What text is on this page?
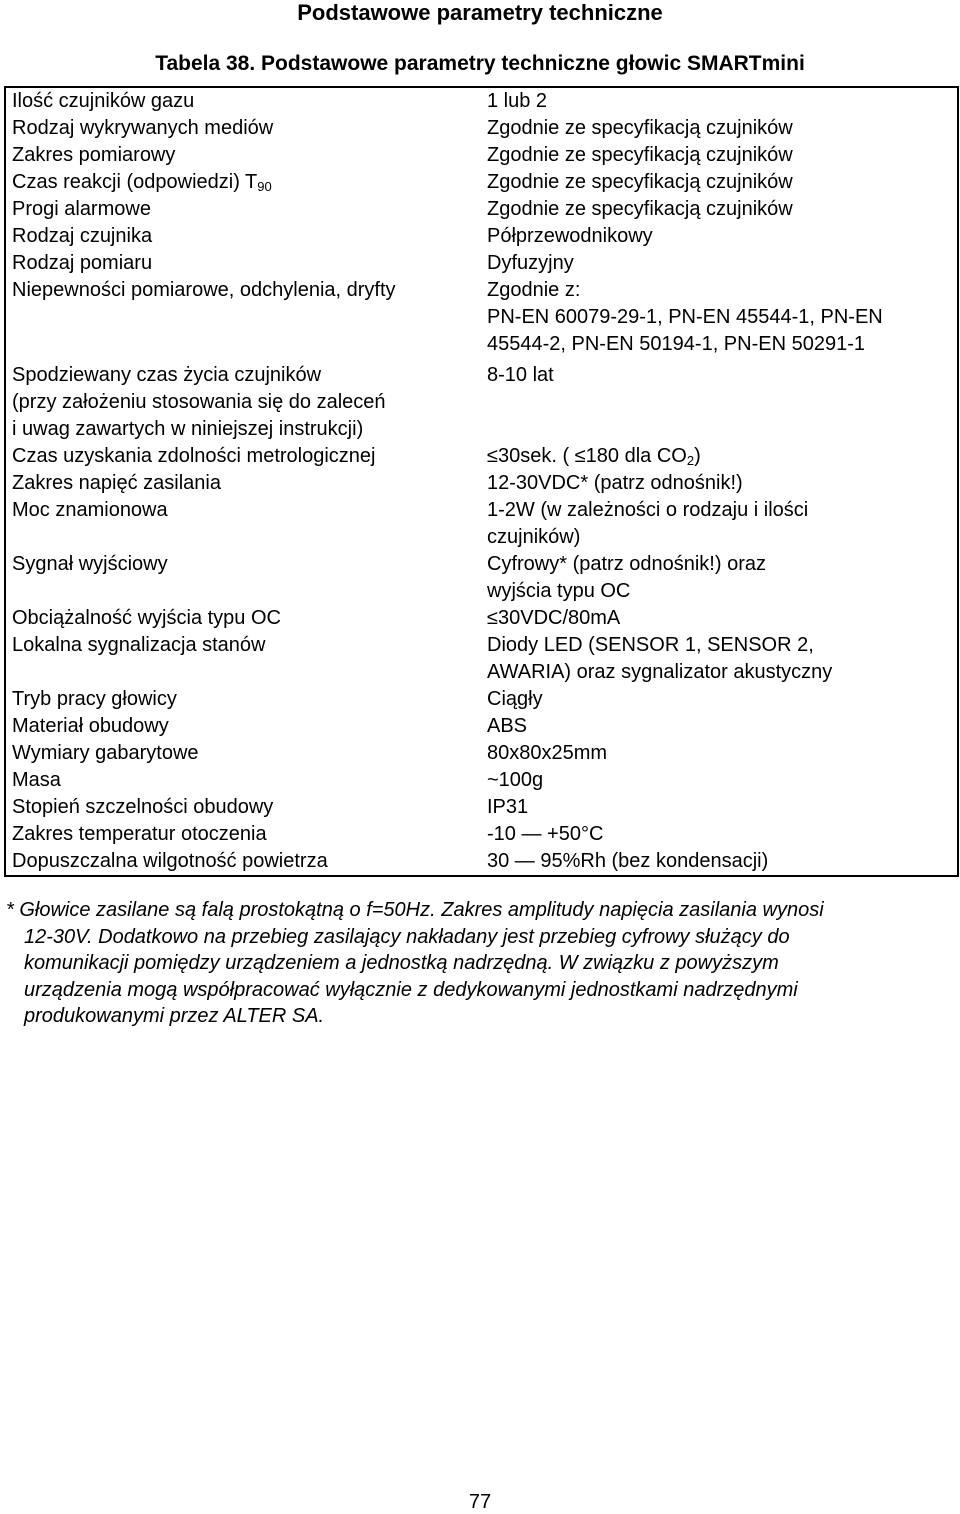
Podstawowe parametry techniczne
Tabela 38. Podstawowe parametry techniczne głowic SMARTmini
Ilość czujników gazu	1 lub 2
Rodzaj wykrywanych mediów	Zgodnie ze specyfikacją czujników
Zakres pomiarowy	Zgodnie ze specyfikacją czujników
Czas reakcji (odpowiedzi) $T_{90}$	Zgodnie ze specyfikacją czujników
Progi alarmowe	Zgodnie ze specyfikacją czujników
Rodzaj czujnika	Półprzewodnikowy
Rodzaj pomiaru	Dyfuzyjny
Niepewności pomiarowe, odchylenia, dryfty	Zgodnie z:
PN-EN 60079-29-1, PN-EN 45544-1, PN-EN
45544-2, PN-EN 50194-1, PN-EN 50291-1

Spodziewany czas życia czujników
(przy założeniu stosowania się do zaleceń
i uwag zawartych w niniejszej instrukcji)	8-10 lat
Czas uzyskania zdolności metrologicznej	≤30sek. ( ≤180 dla $CO_2$)
Zakres napięć zasilania	12-30VDC* (patrz odnośnik!)
Moc znamionowa	1-2W (w zależności o rodzaju i ilości
czujników)

Sygnał wyjściowy	Cyfrowy* (patrz odnośnik!) oraz
wyjścia typu OC

Obciążalność wyjścia typu OC	≤30VDC/80mA
Lokalna sygnalizacja stanów	Diody LED (SENSOR 1, SENSOR 2,
AWARIA) oraz sygnalizator akustyczny

Tryb pracy głowicy	Ciągły
Materiał obudowy	ABS
Wymiary gabarytowe	80x80x25mm
Masa	~100g
Stopień szczelności obudowy	IP31
Zakres temperatur otoczenia	-10 — +50°C
Dopuszczalna wilgotność powietrza	30 — 95%Rh (bez kondensacji)
* Głowice zasilane są falą prostokątną o f=50Hz. Zakres amplitudy napięcia zasilania wynosi
12-30V. Dodatkowo na przebieg zasilający nakładany jest przebieg cyfrowy służący do
komunikacji pomiędzy urządzeniem a jednostką nadrzędną. W związku z powyższym
urządzenia mogą współpracować wyłącznie z dedykowanymi jednostkami nadrzędnymi
produkowanymi przez ALTER SA.
77
